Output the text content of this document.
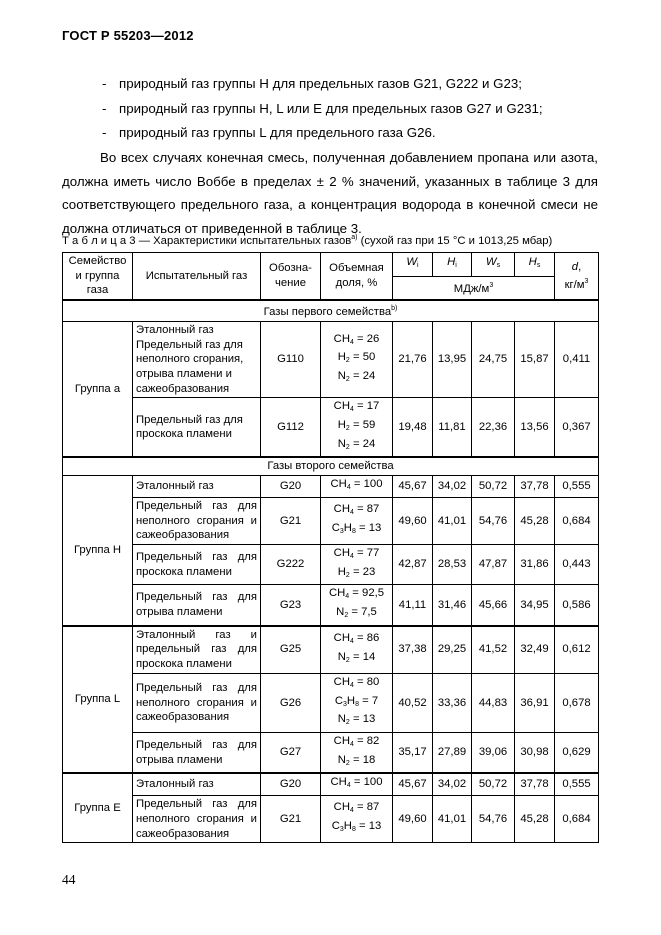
ГОСТ Р 55203—2012
- природный газ группы H для предельных газов G21, G222 и G23;
- природный газ группы H, L или E для предельных газов G27 и G231;
- природный газ группы L для предельного газа G26.
Во всех случаях конечная смесь, полученная добавлением пропана или азота, должна иметь число Воббе в пределах ± 2 % значений, указанных в таблице 3 для соответствующего предельного газа, а концентрация водорода в конечной смеси не должна отличаться от приведенной в таблице 3.
Т а б л и ц а 3 — Характеристики испытательных газов$^{a)}$ (сухой газ при 15 °С и 1013,25 мбар)
Семейство и группа газа	Испытательный газ	Обозна-чение	Объемная доля, %	$W_i$	$H_i$	$W_s$	$H_s$	d,
$кг/м^3$
				МДж/$м^3$
Газы первого семейства$^{b)}$
Группа a	Эталонный газ Предельный газ для неполного сгорания, отрыва пламени и сажеобразования	G110	$CH_4 = 26$
$H_2 = 50$
$N_2 = 24$	21,76	13,95	24,75	15,87	0,411
	Предельный газ для проскока пламени	G112	$CH_4 = 17$
$H_2 = 59$
$N_2 = 24$	19,48	11,81	22,36	13,56	0,367
Газы второго семейства								
Группа H	Эталонный газ	G20	$CH_4 = 100$	45,67	34,02	50,72	37,78	0,555
	Предельный газ для неполного сгорания и сажеобразования	G21	$CH_4 = 87$
$C_3H_8 = 13$	49,60	41,01	54,76	45,28	0,684
	Предельный газ для проскока пламени	G222	$CH_4 = 77$
$H_2 = 23$	42,87	28,53	47,87	31,86	0,443
	Предельный газ для отрыва пламени	G23	$CH_4 = 92,5$
$N_2 = 7,5$	41,11	31,46	45,66	34,95	0,586
Группа L	Эталонный газ и предельный газ для проскока пламени	G25	$CH_4 = 86$
$N_2 = 14$	37,38	29,25	41,52	32,49	0,612
	Предельный газ для неполного сгорания и сажеобразования	G26	$CH_4 = 80$
$C_3H_8 = 7$
$N_2 = 13$	40,52	33,36	44,83	36,91	0,678
	Предельный газ для отрыва пламени	G27	$CH_4 = 82$
$N_2 = 18$	35,17	27,89	39,06	30,98	0,629
Группа E	Эталонный газ	G20	$CH_4 = 100$	45,67	34,02	50,72	37,78	0,555
	Предельный газ для неполного сгорания и сажеобразования	G21	$CH_4 = 87$
$C_3H_8 = 13$	49,60	41,01	54,76	45,28	0,684
44
